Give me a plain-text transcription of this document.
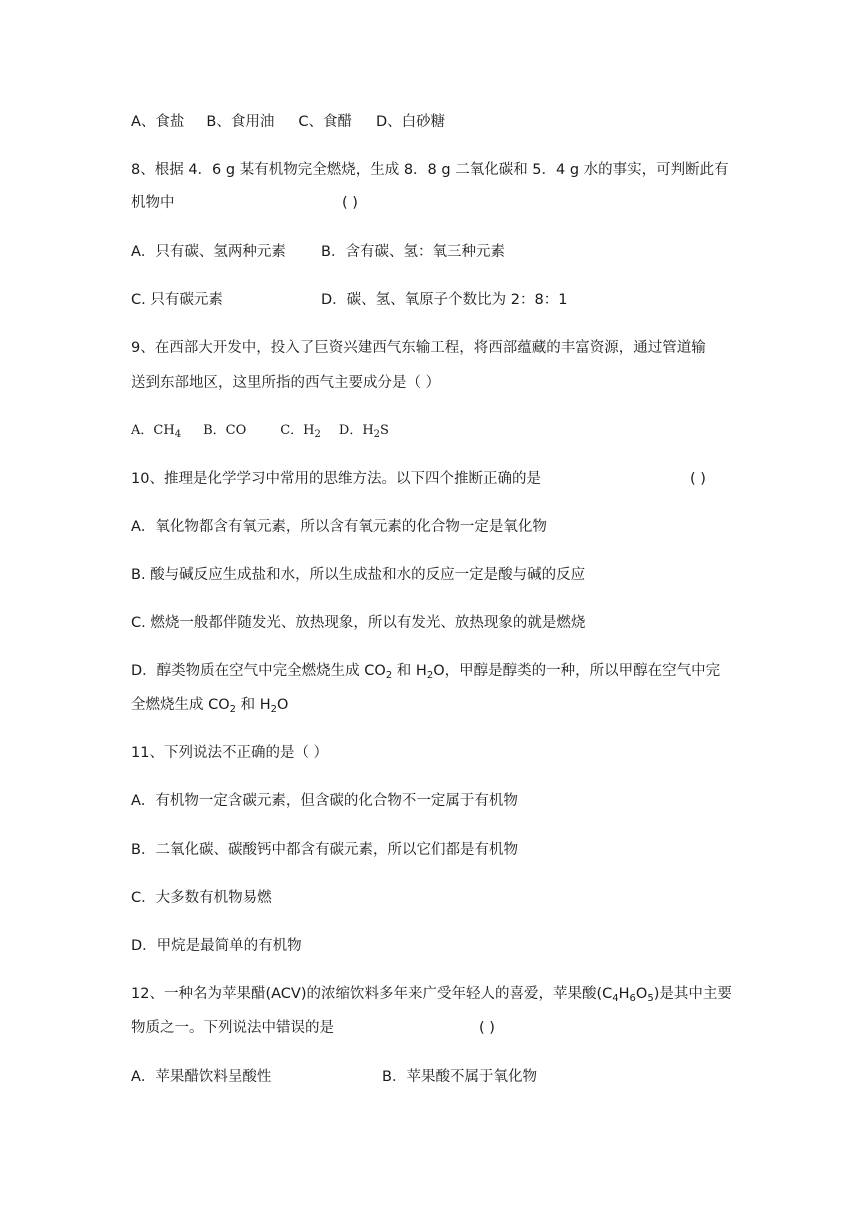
A、食盐 B、食用油 C、食醋 D、白砂糖
8、根据 4．6 g 某有机物完全燃烧，生成 8．8 g 二氧化碳和 5．4 g 水的事实，可判断此有
机物中	( )
A．只有碳、氢两种元素 B．含有碳、氢：氧三种元素
C. 只有碳元素	D．碳、氢、氧原子个数比为 2：8：1
9、在西部大开发中，投入了巨资兴建西气东输工程，将西部蕴藏的丰富资源，通过管道输
送到东部地区，这里所指的西气主要成分是（ ）
A．$CH_4$ B．CO	C．$H_2$ D．$H_2S$
10、推理是化学学习中常用的思维方法。以下四个推断正确的是	( )
A．氧化物都含有氧元素，所以含有氧元素的化合物一定是氧化物
B. 酸与碱反应生成盐和水，所以生成盐和水的反应一定是酸与碱的反应
C. 燃烧一般都伴随发光、放热现象，所以有发光、放热现象的就是燃烧
D．醇类物质在空气中完全燃烧生成 $CO_2$ 和 $H_2O$，甲醇是醇类的一种，所以甲醇在空气中完
全燃烧生成 $CO_2$ 和 $H_2O$
11、下列说法不正确的是（ ）
A．有机物一定含碳元素，但含碳的化合物不一定属于有机物
B．二氧化碳、碳酸钙中都含有碳元素，所以它们都是有机物
C．大多数有机物易燃
D．甲烷是最简单的有机物
12、一种名为苹果醋(ACV)的浓缩饮料多年来广受年轻人的喜爱，苹果酸$(C_4H_6O_5)$是其中主要
物质之一。下列说法中错误的是	( )
A．苹果醋饮料呈酸性	B．苹果酸不属于氧化物
